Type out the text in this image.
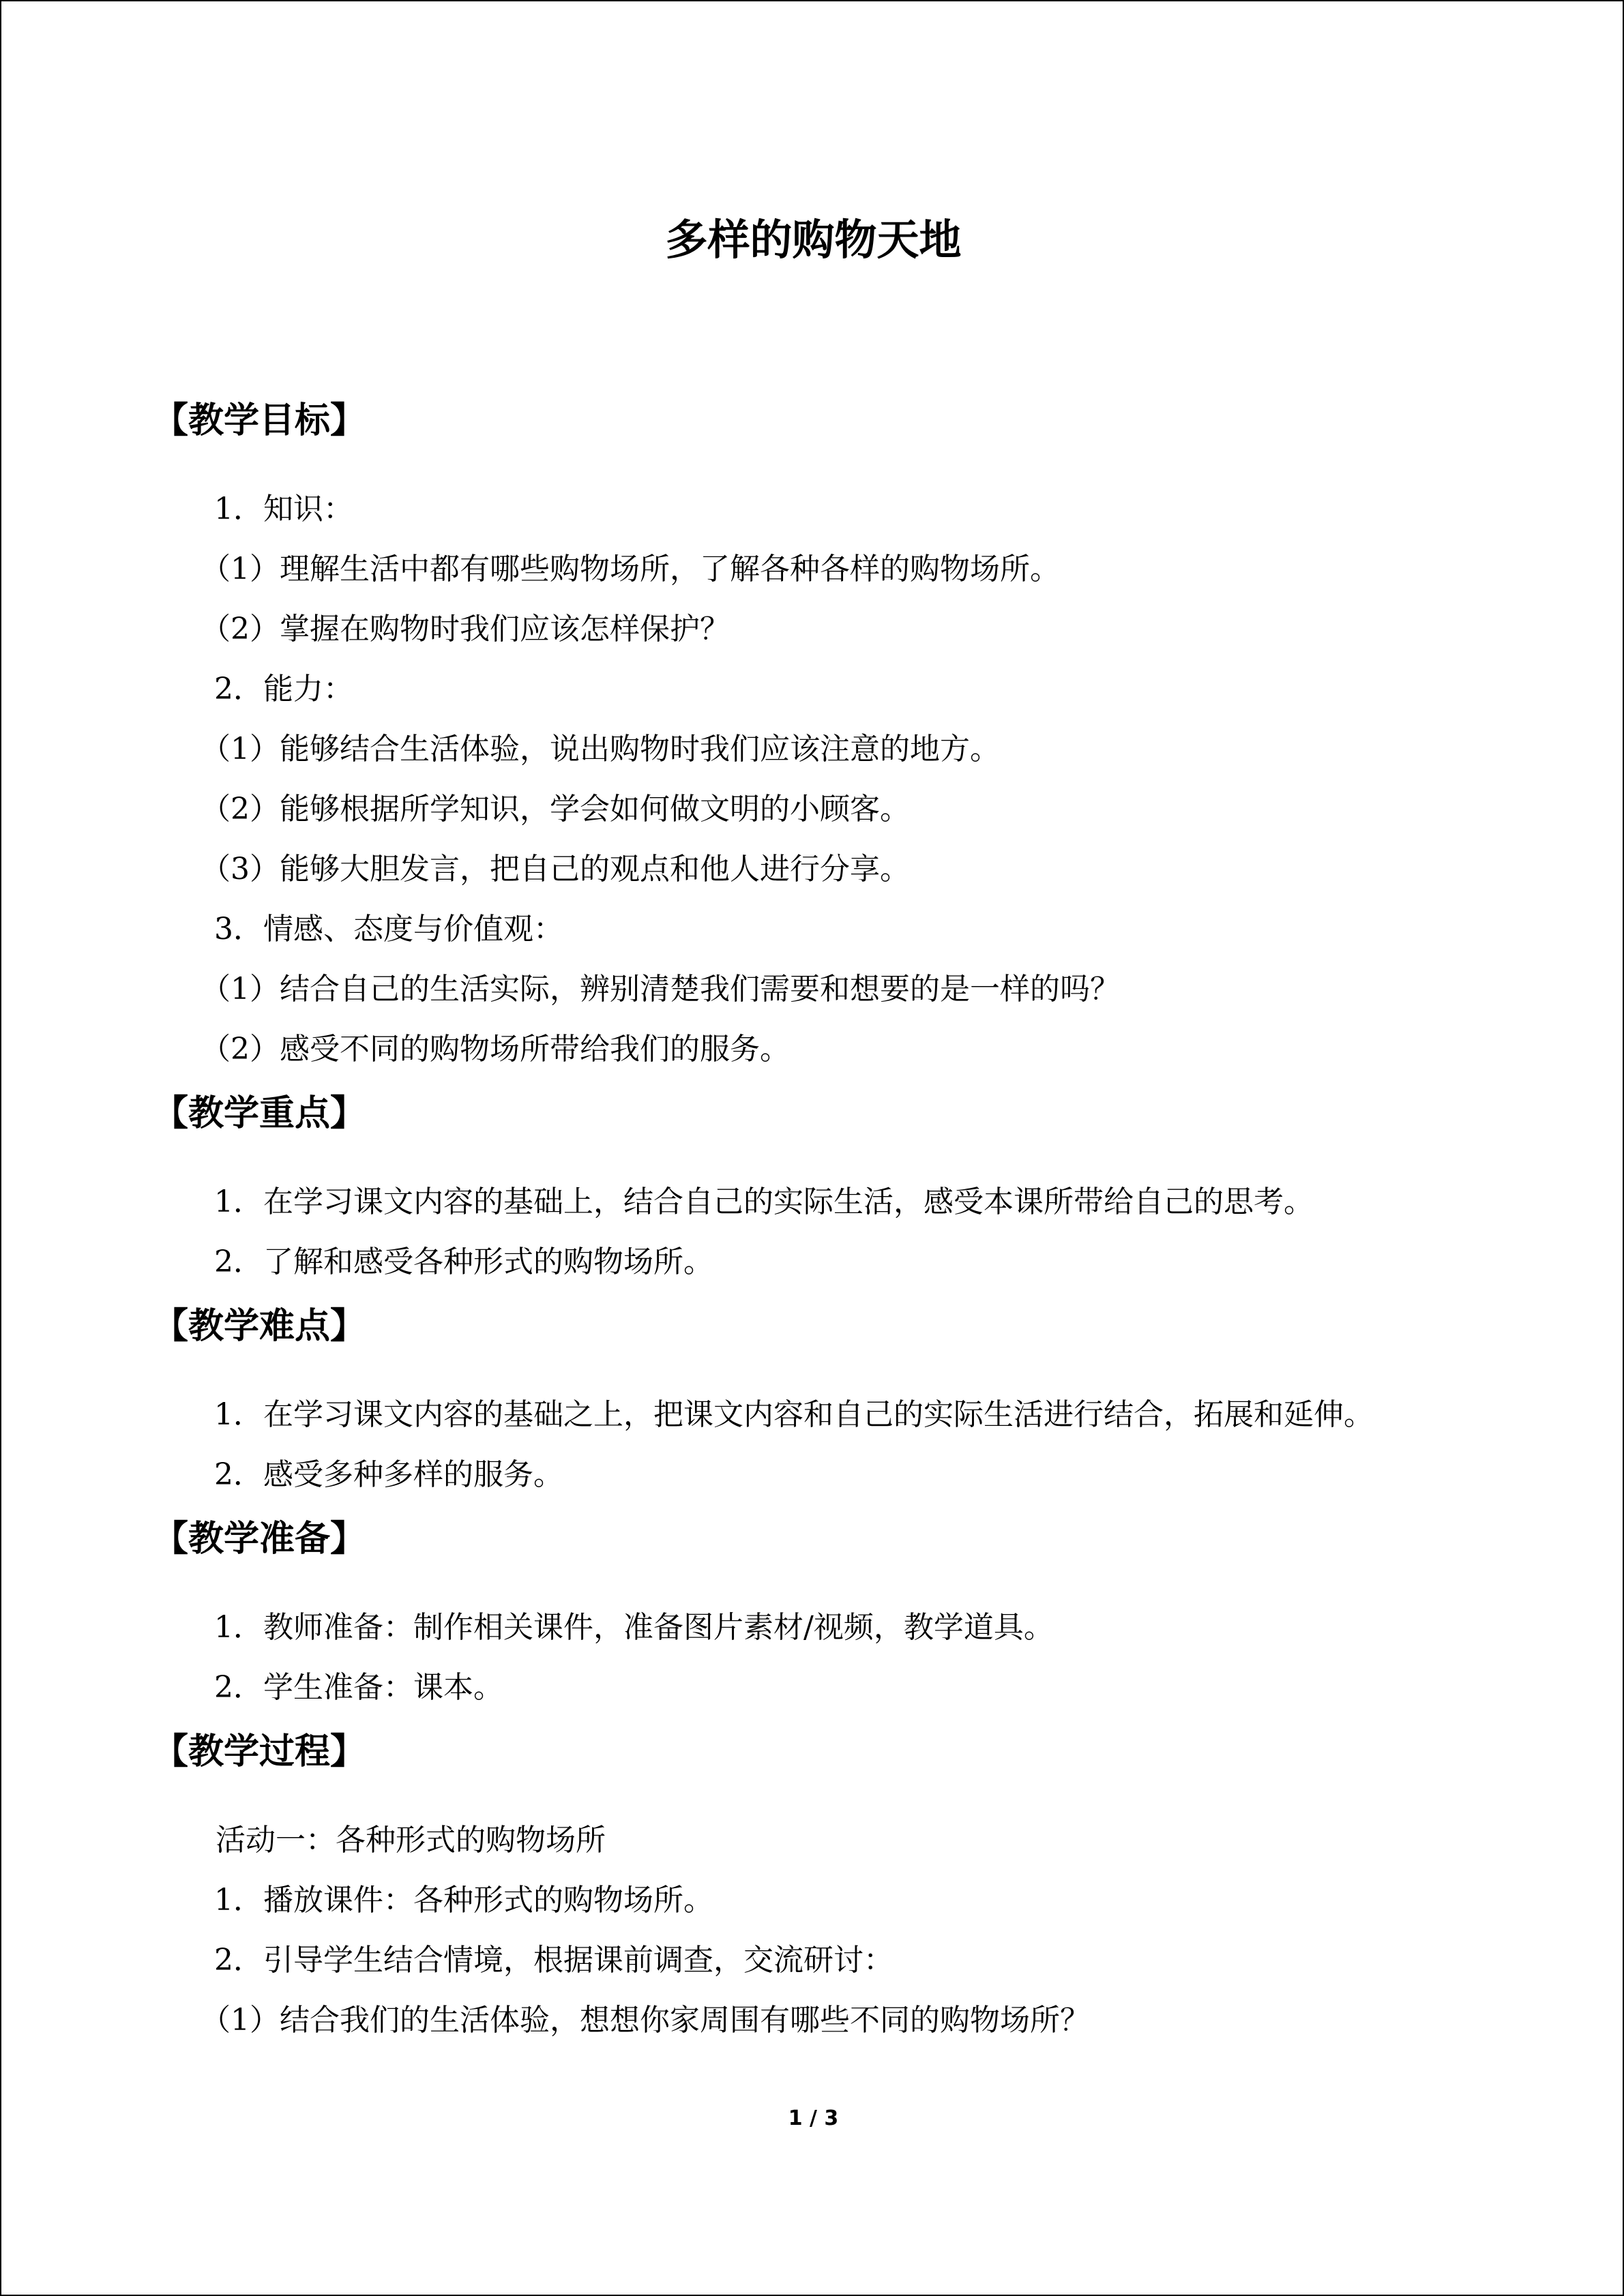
多样的购物天地
【教学目标】
1．知识：
（1）理解生活中都有哪些购物场所，了解各种各样的购物场所。
（2）掌握在购物时我们应该怎样保护？
2．能力：
（1）能够结合生活体验，说出购物时我们应该注意的地方。
（2）能够根据所学知识，学会如何做文明的小顾客。
（3）能够大胆发言，把自己的观点和他人进行分享。
3．情感、态度与价值观：
（1）结合自己的生活实际，辨别清楚我们需要和想要的是一样的吗？
（2）感受不同的购物场所带给我们的服务。
【教学重点】
1．在学习课文内容的基础上，结合自己的实际生活，感受本课所带给自己的思考。
2．了解和感受各种形式的购物场所。
【教学难点】
1．在学习课文内容的基础之上，把课文内容和自己的实际生活进行结合，拓展和延伸。
2．感受多种多样的服务。
【教学准备】
1．教师准备：制作相关课件，准备图片素材/视频，教学道具。
2．学生准备：课本。
【教学过程】
活动一：各种形式的购物场所
1．播放课件：各种形式的购物场所。
2．引导学生结合情境，根据课前调查，交流研讨：
（1）结合我们的生活体验，想想你家周围有哪些不同的购物场所？
1 / 3
